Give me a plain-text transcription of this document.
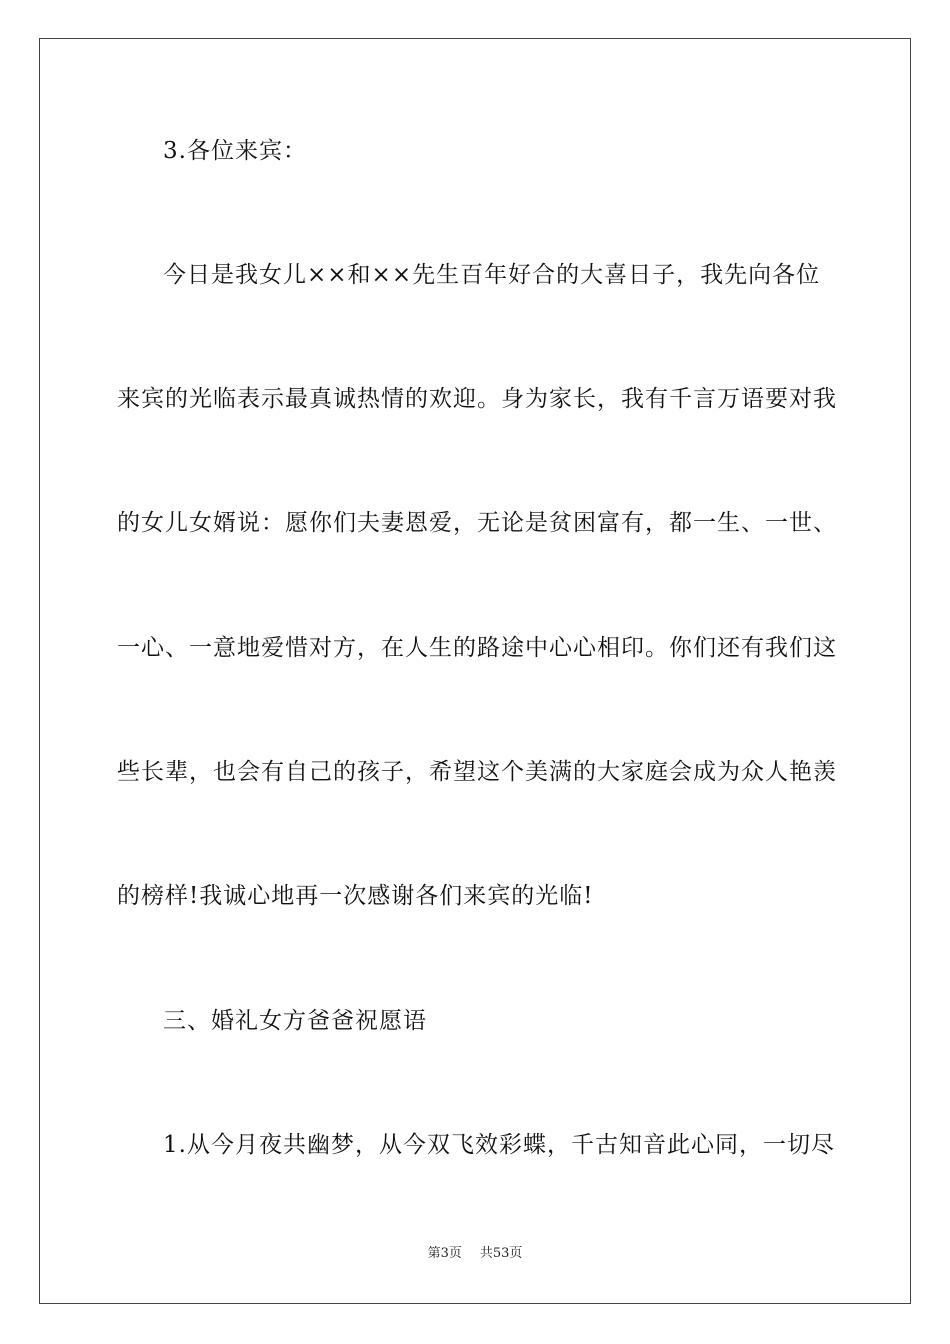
3.各位来宾：
今日是我女儿××和××先生百年好合的大喜日子，我先向各位
来宾的光临表示最真诚热情的欢迎。身为家长，我有千言万语要对我
的女儿女婿说：愿你们夫妻恩爱，无论是贫困富有，都一生、一世、
一心、一意地爱惜对方，在人生的路途中心心相印。你们还有我们这
些长辈，也会有自己的孩子，希望这个美满的大家庭会成为众人艳羡
的榜样!我诚心地再一次感谢各们来宾的光临!
三、婚礼女方爸爸祝愿语
1.从今月夜共幽梦，从今双飞效彩蝶，千古知音此心同，一切尽
第3页 共53页
